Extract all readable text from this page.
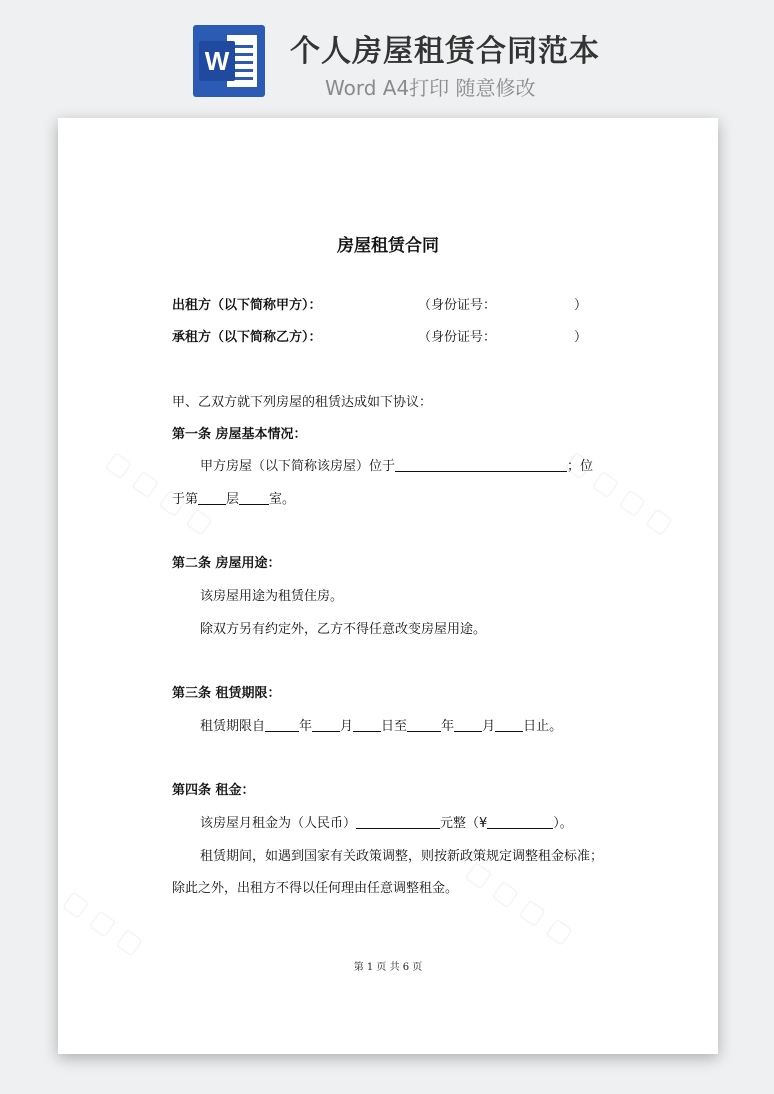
W 个人房屋租赁合同范本
Word A4打印 随意修改
房屋租赁合同
出租方（以下简称甲方）：	（身份证号：	）
承租方（以下简称乙方）：	（身份证号：	）
甲、乙双方就下列房屋的租赁达成如下协议：
第一条 房屋基本情况：
甲方房屋（以下简称该房屋）位于	；位
于第 层 室。
第二条 房屋用途：
该房屋用途为租赁住房。
除双方另有约定外，乙方不得任意改变房屋用途。
第三条 租赁期限：
租赁期限自	年 月 日至	年 月 日止。
第四条 租金：
该房屋月租金为（人民币）	元整（¥	）。
租赁期间，如遇到国家有关政策调整，则按新政策规定调整租金标准；
除此之外，出租方不得以任何理由任意调整租金。
第 1 页 共 6 页
